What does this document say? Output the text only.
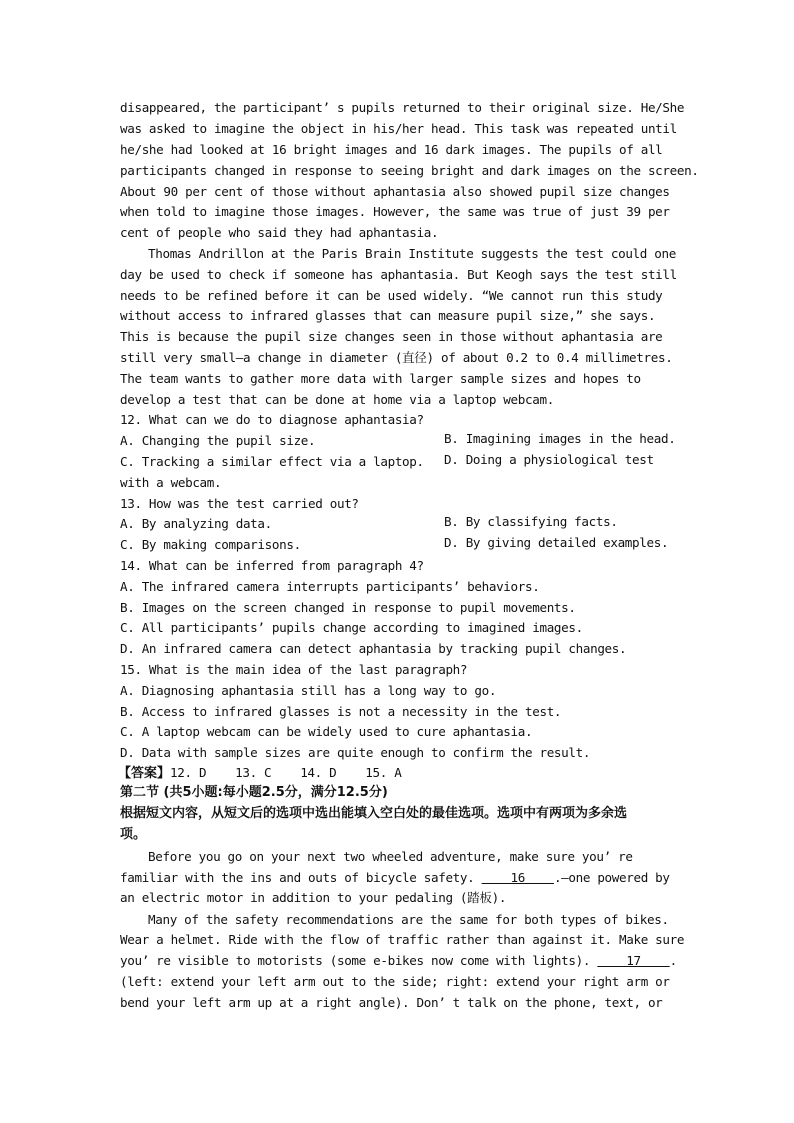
disappeared, the participant’ s pupils returned to their original size. He/She
was asked to imagine the object in his/her head. This task was repeated until
he/she had looked at 16 bright images and 16 dark images. The pupils of all
participants changed in response to seeing bright and dark images on the screen.
About 90 per cent of those without aphantasia also showed pupil size changes
when told to imagine those images. However, the same was true of just 39 per
cent of people who said they had aphantasia.
Thomas Andrillon at the Paris Brain Institute suggests the test could one
day be used to check if someone has aphantasia. But Keogh says the test still
needs to be refined before it can be used widely. “We cannot run this study
without access to infrared glasses that can measure pupil size,” she says.
This is because the pupil size changes seen in those without aphantasia are
still very small—a change in diameter (直径) of about 0.2 to 0.4 millimetres.
The team wants to gather more data with larger sample sizes and hopes to
develop a test that can be done at home via a laptop webcam.
12. What can we do to diagnose aphantasia?
A. Changing the pupil size.	B. Imagining images in the head.
C. Tracking a similar effect via a laptop. D. Doing a physiological test
with a webcam.
13. How was the test carried out?
A. By analyzing data.	B. By classifying facts.
C. By making comparisons.	D. By giving detailed examples.
14. What can be inferred from paragraph 4?
A. The infrared camera interrupts participants’ behaviors.
B. Images on the screen changed in response to pupil movements.
C. All participants’ pupils change according to imagined images.
D. An infrared camera can detect aphantasia by tracking pupil changes.
15. What is the main idea of the last paragraph?
A. Diagnosing aphantasia still has a long way to go.
B. Access to infrared glasses is not a necessity in the test.
C. A laptop webcam can be widely used to cure aphantasia.
D. Data with sample sizes are quite enough to confirm the result.
【答案】12. D    13. C    14. D    15. A
第二节 (共5小题:每小题2.5分，满分12.5分)
根据短文内容，从短文后的选项中选出能填入空白处的最佳选项。选项中有两项为多余选
项。
Before you go on your next two wheeled adventure, make sure you’ re
familiar with the ins and outs of bicycle safety.     16    .—one powered by
an electric motor in addition to your pedaling (踏板).
Many of the safety recommendations are the same for both types of bikes.
Wear a helmet. Ride with the flow of traffic rather than against it. Make sure
you’ re visible to motorists (some e-bikes now come with lights).     17    .
(left: extend your left arm out to the side; right: extend your right arm or
bend your left arm up at a right angle). Don’ t talk on the phone, text, or
